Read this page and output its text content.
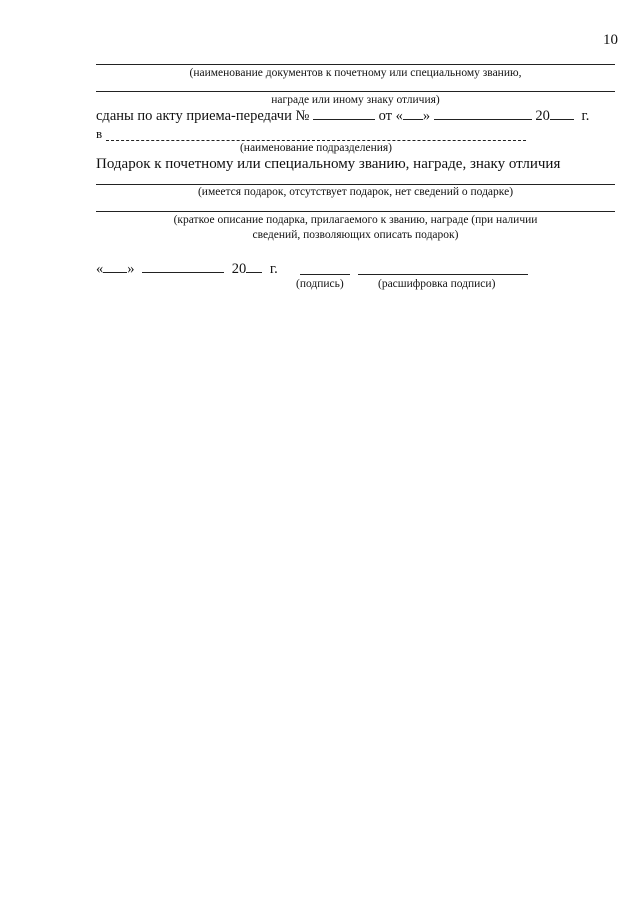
10
(наименование документов к почетному или специальному званию,
награде или иному знаку отличия)
сданы по акту приема-передачи №	от « »	20 г.
в
(наименование подразделения)
Подарок к почетному или специальному званию, награде, знаку отличия
(имеется подарок, отсутствует подарок, нет сведений о подарке)
(краткое описание подарка, прилагаемого к званию, награде (при наличии
сведений, позволяющих описать подарок)
« »	20 г.
(подпись)	(расшифровка подписи)
